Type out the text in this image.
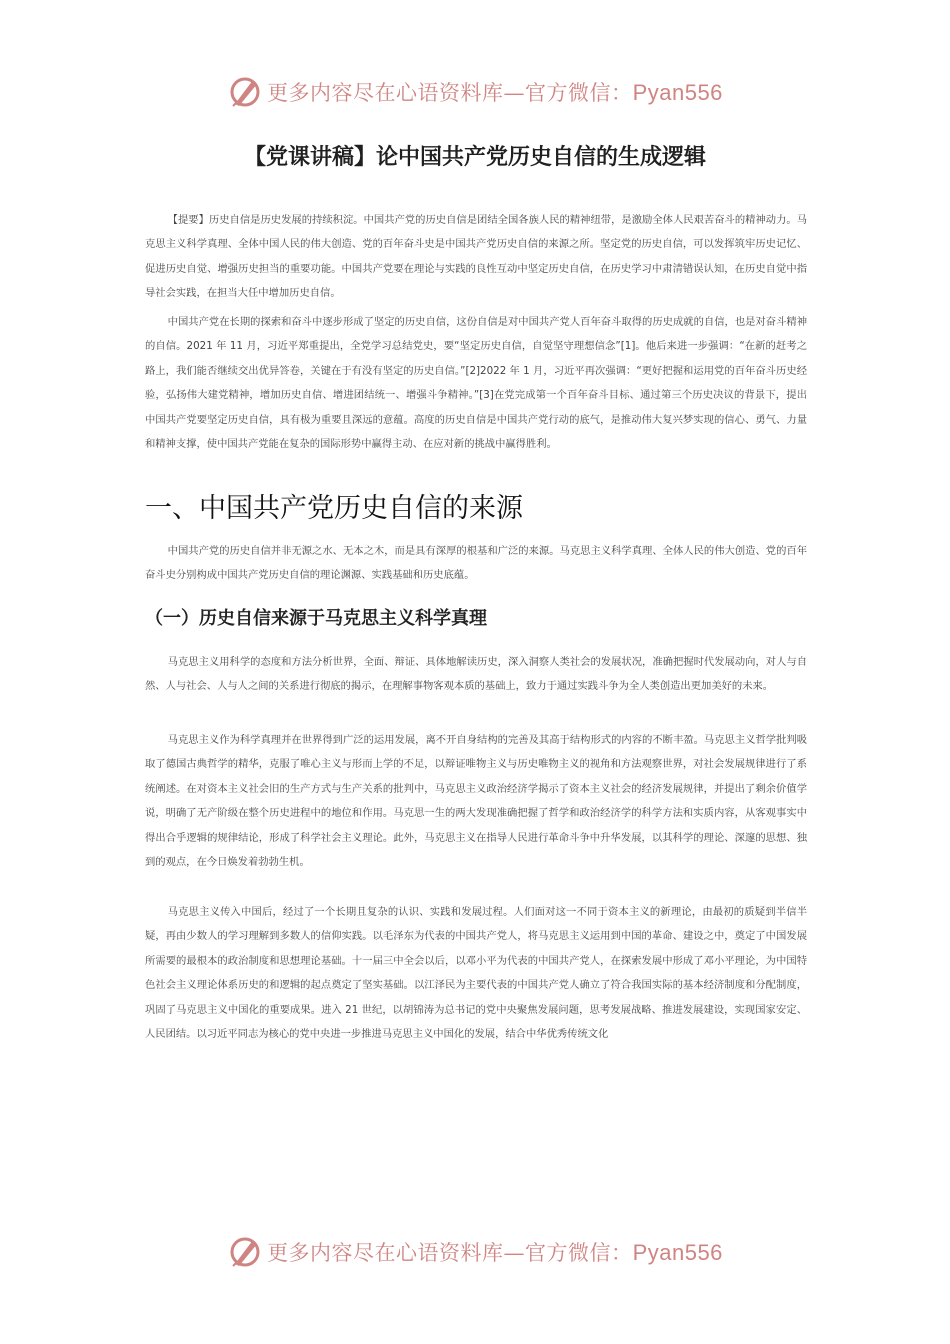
更多内容尽在心语资料库—官方微信：Pyan556
【党课讲稿】论中国共产党历史自信的生成逻辑

【提要】历史自信是历史发展的持续积淀。中国共产党的历史自信是团结全国各族人民的精神纽带，是激励全体人民艰苦奋斗的精神动力。马克思主义科学真理、全体中国人民的伟大创造、党的百年奋斗史是中国共产党历史自信的来源之所。坚定党的历史自信，可以发挥筑牢历史记忆、促进历史自觉、增强历史担当的重要功能。中国共产党要在理论与实践的良性互动中坚定历史自信，在历史学习中肃清错误认知，在历史自觉中指导社会实践，在担当大任中增加历史自信。

中国共产党在长期的探索和奋斗中逐步形成了坚定的历史自信，这份自信是对中国共产党人百年奋斗取得的历史成就的自信，也是对奋斗精神的自信。2021 年 11 月，习近平郑重提出，全党学习总结党史，要“坚定历史自信，自觉坚守理想信念”[1]。他后来进一步强调：“在新的赶考之路上，我们能否继续交出优异答卷，关键在于有没有坚定的历史自信。”[2]2022 年 1 月，习近平再次强调：“更好把握和运用党的百年奋斗历史经验，弘扬伟大建党精神，增加历史自信、增进团结统一、增强斗争精神。”[3]在党完成第一个百年奋斗目标、通过第三个历史决议的背景下，提出中国共产党要坚定历史自信，具有极为重要且深远的意蕴。高度的历史自信是中国共产党行动的底气，是推动伟大复兴梦实现的信心、勇气、力量和精神支撑，使中国共产党能在复杂的国际形势中赢得主动、在应对新的挑战中赢得胜利。

一、中国共产党历史自信的来源

中国共产党的历史自信并非无源之水、无本之木，而是具有深厚的根基和广泛的来源。马克思主义科学真理、全体人民的伟大创造、党的百年奋斗史分别构成中国共产党历史自信的理论渊源、实践基础和历史底蕴。

（一）历史自信来源于马克思主义科学真理

马克思主义用科学的态度和方法分析世界，全面、辩证、具体地解读历史，深入洞察人类社会的发展状况，准确把握时代发展动向，对人与自然、人与社会、人与人之间的关系进行彻底的揭示，在理解事物客观本质的基础上，致力于通过实践斗争为全人类创造出更加美好的未来。

马克思主义作为科学真理并在世界得到广泛的运用发展，离不开自身结构的完善及其高于结构形式的内容的不断丰盈。马克思主义哲学批判吸取了德国古典哲学的精华，克服了唯心主义与形而上学的不足，以辩证唯物主义与历史唯物主义的视角和方法观察世界，对社会发展规律进行了系统阐述。在对资本主义社会旧的生产方式与生产关系的批判中，马克思主义政治经济学揭示了资本主义社会的经济发展规律，并提出了剩余价值学说，明确了无产阶级在整个历史进程中的地位和作用。马克思一生的两大发现准确把握了哲学和政治经济学的科学方法和实质内容，从客观事实中得出合乎逻辑的规律结论，形成了科学社会主义理论。此外，马克思主义在指导人民进行革命斗争中升华发展，以其科学的理论、深邃的思想、独到的观点，在今日焕发着勃勃生机。

马克思主义传入中国后，经过了一个长期且复杂的认识、实践和发展过程。人们面对这一不同于资本主义的新理论，由最初的质疑到半信半疑，再由少数人的学习理解到多数人的信仰实践。以毛泽东为代表的中国共产党人，将马克思主义运用到中国的革命、建设之中，奠定了中国发展所需要的最根本的政治制度和思想理论基础。十一届三中全会以后，以邓小平为代表的中国共产党人，在探索发展中形成了邓小平理论，为中国特色社会主义理论体系历史的和逻辑的起点奠定了坚实基础。以江泽民为主要代表的中国共产党人确立了符合我国实际的基本经济制度和分配制度，巩固了马克思主义中国化的重要成果。进入 21 世纪，以胡锦涛为总书记的党中央聚焦发展问题，思考发展战略、推进发展建设，实现国家安定、人民团结。以习近平同志为核心的党中央进一步推进马克思主义中国化的发展，结合中华优秀传统文化

更多内容尽在心语资料库—官方微信：Pyan556
